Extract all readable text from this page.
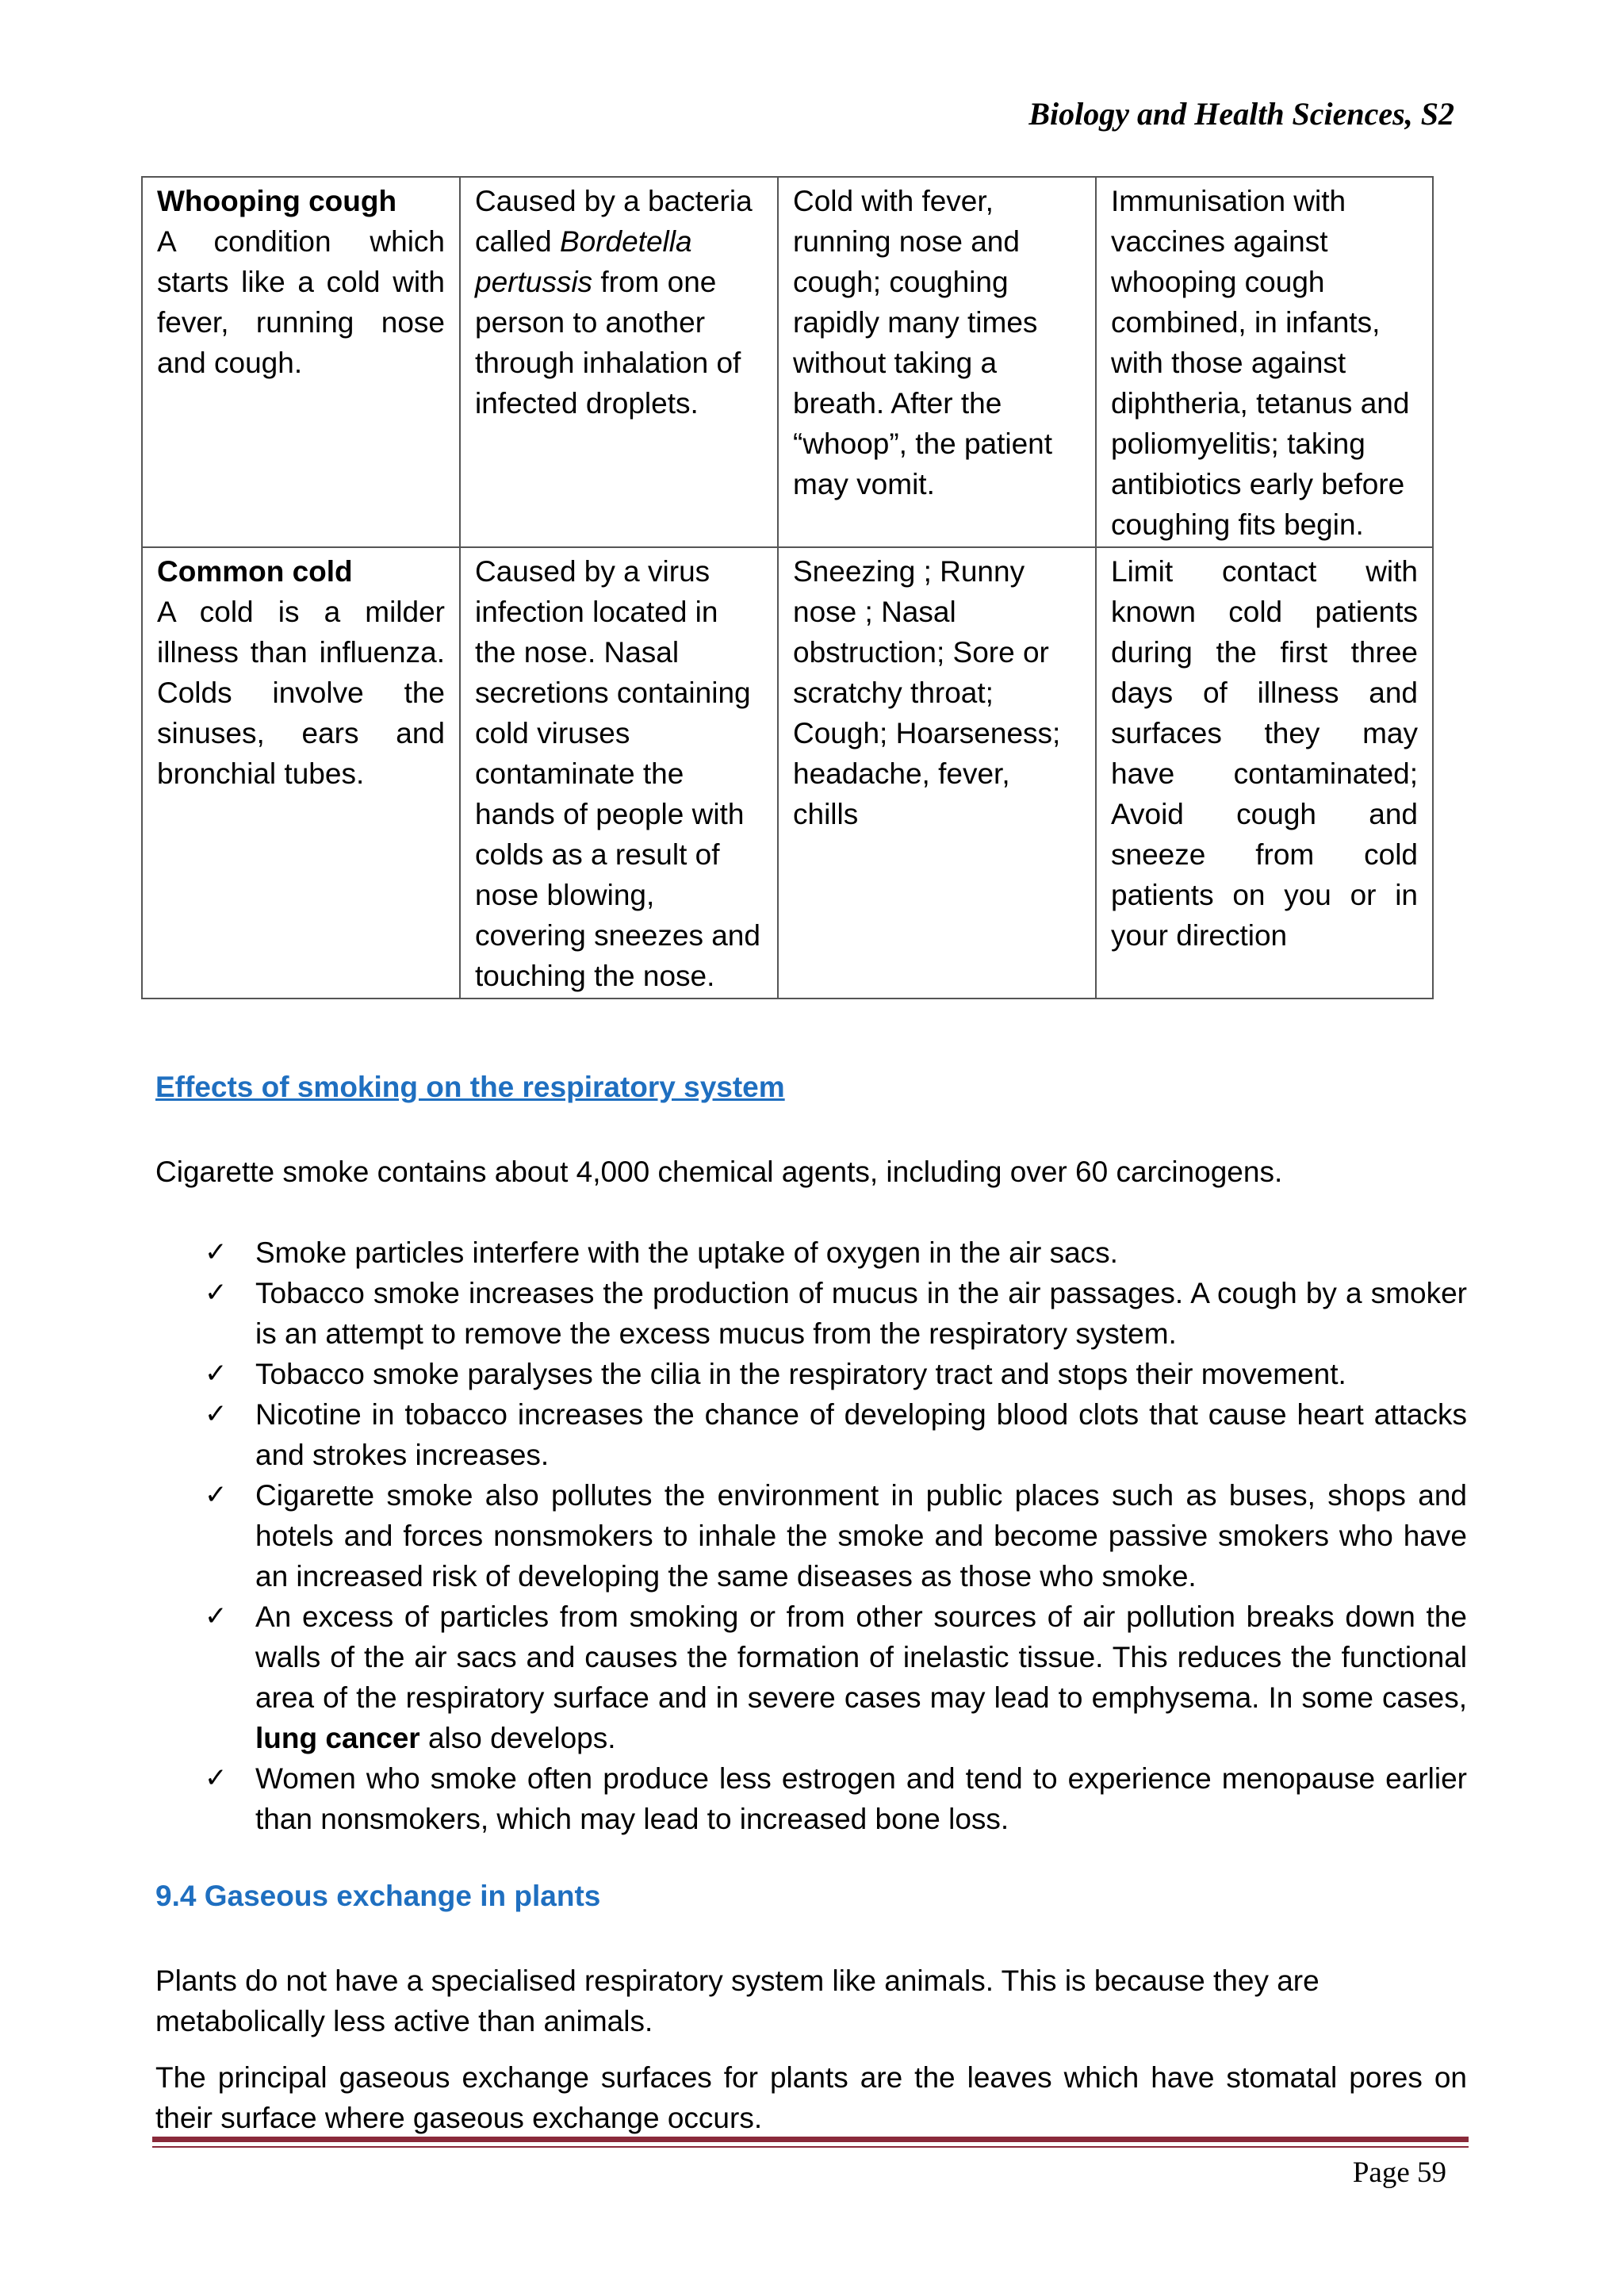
Biology and Health Sciences, S2
Whooping cough
A condition which starts like a cold with fever, running nose and cough.	Caused by a bacteria called Bordetella pertussis from one person to another through inhalation of infected droplets.	Cold with fever, running nose and cough; coughing rapidly many times without taking a breath. After the “whoop”, the patient may vomit.	Immunisation with vaccines against whooping cough combined, in infants, with those against diphtheria, tetanus and poliomyelitis; taking antibiotics early before coughing fits begin.

Common cold
A cold is a milder illness than influenza. Colds involve the sinuses, ears and bronchial tubes.	Caused by a virus infection located in the nose. Nasal secretions containing cold viruses contaminate the hands of people with colds as a result of nose blowing, covering sneezes and touching the nose.	Sneezing ; Runny nose ; Nasal obstruction; Sore or scratchy throat; Cough; Hoarseness; headache, fever, chills	Limit contact with known cold patients during the first three days of illness and surfaces they may have contaminated; Avoid cough and sneeze from cold patients on you or in your direction
Effects of smoking on the respiratory system
Cigarette smoke contains about 4,000 chemical agents, including over 60 carcinogens.
✓ Smoke particles interfere with the uptake of oxygen in the air sacs.
✓ Tobacco smoke increases the production of mucus in the air passages. A cough by a smoker is an attempt to remove the excess mucus from the respiratory system.
✓ Tobacco smoke paralyses the cilia in the respiratory tract and stops their movement.
✓ Nicotine in tobacco increases the chance of developing blood clots that cause heart attacks and strokes increases.
✓ Cigarette smoke also pollutes the environment in public places such as buses, shops and hotels and forces nonsmokers to inhale the smoke and become passive smokers who have an increased risk of developing the same diseases as those who smoke.
✓ An excess of particles from smoking or from other sources of air pollution breaks down the walls of the air sacs and causes the formation of inelastic tissue. This reduces the functional area of the respiratory surface and in severe cases may lead to emphysema. In some cases, lung cancer also develops.
✓ Women who smoke often produce less estrogen and tend to experience menopause earlier than nonsmokers, which may lead to increased bone loss.
9.4 Gaseous exchange in plants
Plants do not have a specialised respiratory system like animals. This is because they are metabolically less active than animals.
The principal gaseous exchange surfaces for plants are the leaves which have stomatal pores on their surface where gaseous exchange occurs.
Page 59
